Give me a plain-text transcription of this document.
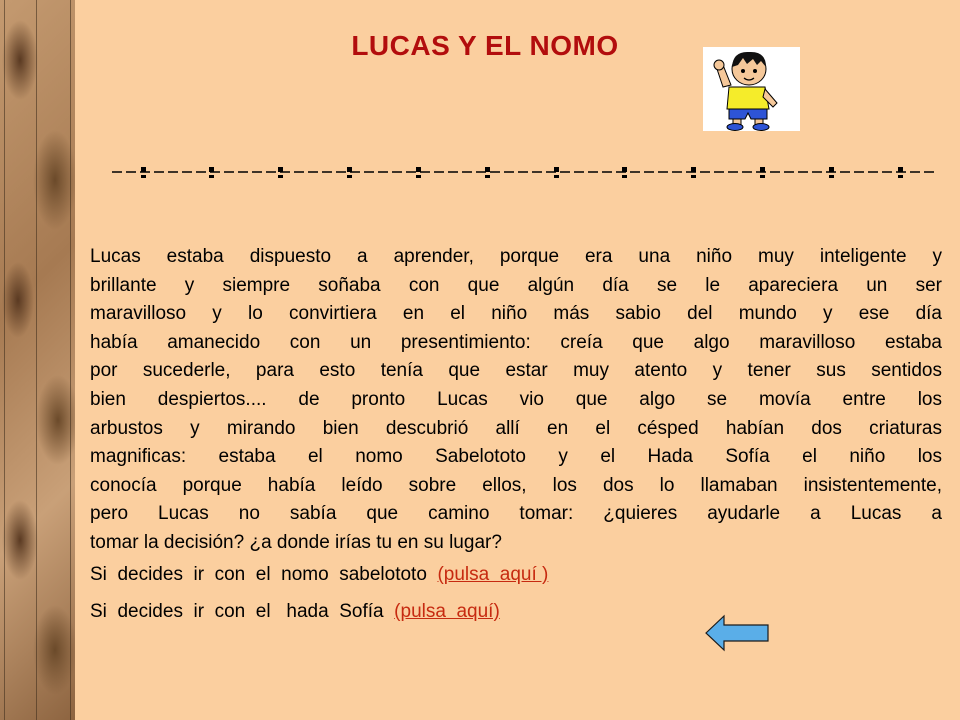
LUCAS Y EL NOMO
Lucas estaba dispuesto a aprender, porque era una niño muy inteligente y
brillante y siempre soñaba con que algún día se le apareciera un ser
maravilloso y lo convirtiera en el niño más sabio del mundo y ese día
había amanecido con un presentimiento: creía que algo maravilloso estaba
por sucederle, para esto tenía que estar muy atento y tener sus sentidos
bien despiertos.... de pronto Lucas vio que algo se movía entre los
arbustos y mirando bien descubrió allí en el césped habían dos criaturas
magnificas: estaba el nomo Sabelototo y el Hada Sofía el niño los
conocía porque había leído sobre ellos, los dos lo llamaban insistentemente,
pero Lucas no sabía que camino tomar: ¿quieres ayudarle a Lucas a
tomar la decisión? ¿a donde irías tu en su lugar?
Si  decides  ir  con  el  nomo  sabelototo  (pulsa  aquí )
Si  decides  ir  con  el   hada  Sofía  (pulsa  aquí)
